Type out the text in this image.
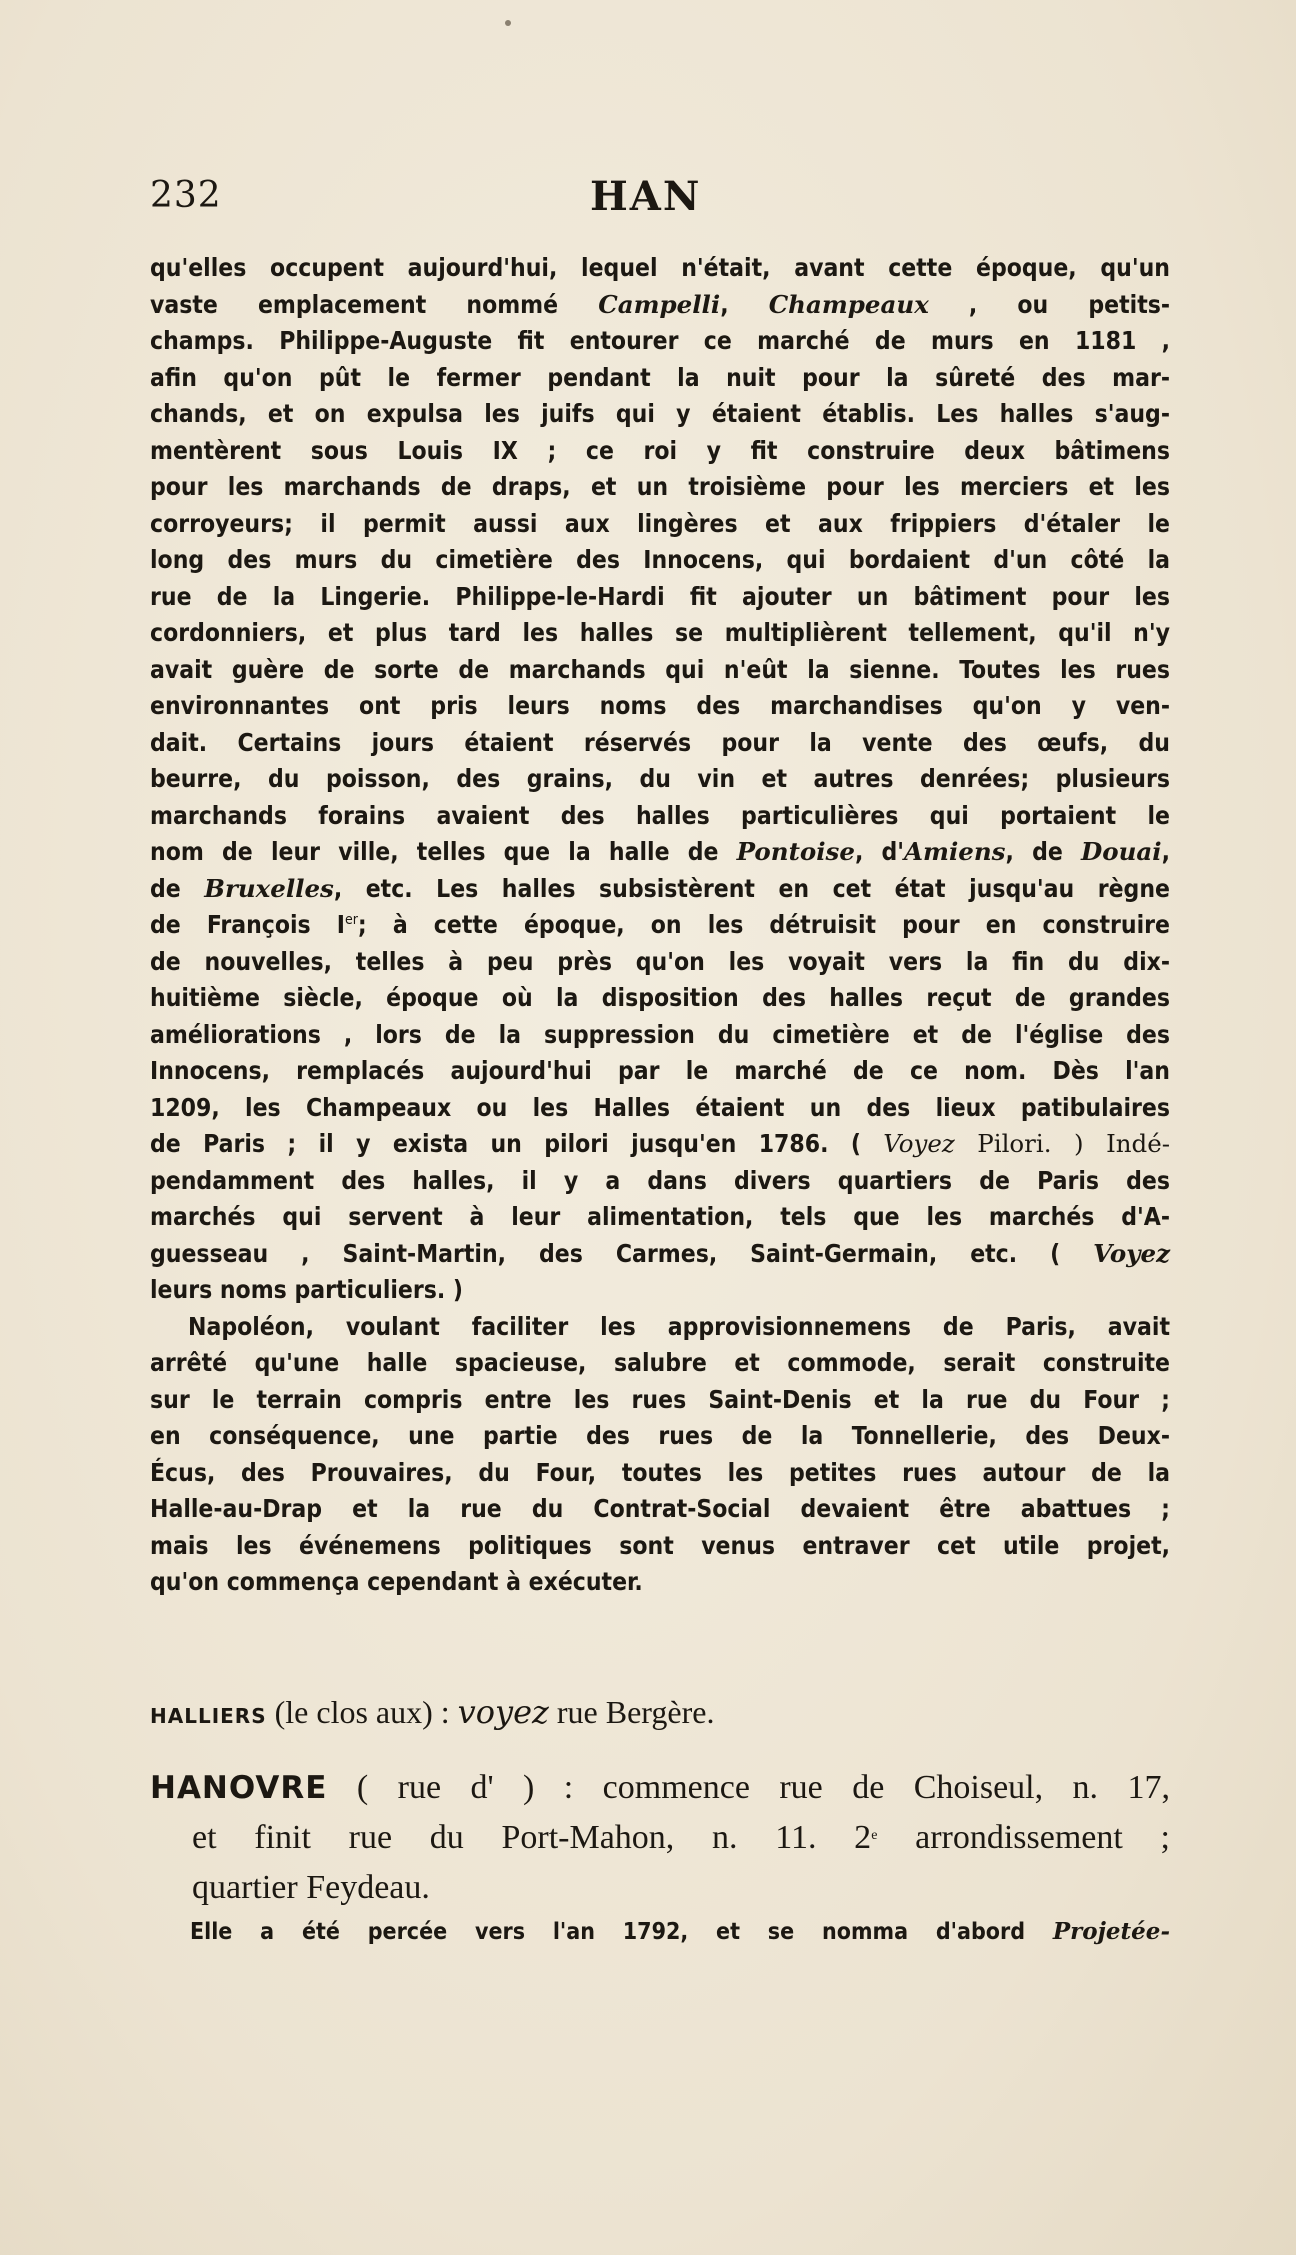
232	HAN
qu'elles occupent aujourd'hui, lequel n'était, avant cette époque, qu'un
vaste emplacement nommé Campelli, Champeaux , ou petits-
champs. Philippe-Auguste fit entourer ce marché de murs en 1181 ,
afin qu'on pût le fermer pendant la nuit pour la sûreté des mar-
chands, et on expulsa les juifs qui y étaient établis. Les halles s'aug-
mentèrent sous Louis IX ; ce roi y fit construire deux bâtimens
pour les marchands de draps, et un troisième pour les merciers et les
corroyeurs; il permit aussi aux lingères et aux frippiers d'étaler le
long des murs du cimetière des Innocens, qui bordaient d'un côté la
rue de la Lingerie. Philippe-le-Hardi fit ajouter un bâtiment pour les
cordonniers, et plus tard les halles se multiplièrent tellement, qu'il n'y
avait guère de sorte de marchands qui n'eût la sienne. Toutes les rues
environnantes ont pris leurs noms des marchandises qu'on y ven-
dait. Certains jours étaient réservés pour la vente des œufs, du
beurre, du poisson, des grains, du vin et autres denrées; plusieurs
marchands forains avaient des halles particulières qui portaient le
nom de leur ville, telles que la halle de Pontoise, d'Amiens, de Douai,
de Bruxelles, etc. Les halles subsistèrent en cet état jusqu'au règne
de François Ier; à cette époque, on les détruisit pour en construire
de nouvelles, telles à peu près qu'on les voyait vers la fin du dix-
huitième siècle, époque où la disposition des halles reçut de grandes
améliorations , lors de la suppression du cimetière et de l'église des
Innocens, remplacés aujourd'hui par le marché de ce nom. Dès l'an
1209, les Champeaux ou les Halles étaient un des lieux patibulaires
de Paris ; il y exista un pilori jusqu'en 1786. ( Voyez Pilori. ) Indé-
pendamment des halles, il y a dans divers quartiers de Paris des
marchés qui servent à leur alimentation, tels que les marchés d'A-
guesseau , Saint-Martin, des Carmes, Saint-Germain, etc. ( Voyez
leurs noms particuliers. )
Napoléon, voulant faciliter les approvisionnemens de Paris, avait
arrêté qu'une halle spacieuse, salubre et commode, serait construite
sur le terrain compris entre les rues Saint-Denis et la rue du Four ;
en conséquence, une partie des rues de la Tonnellerie, des Deux-
Écus, des Prouvaires, du Four, toutes les petites rues autour de la
Halle-au-Drap et la rue du Contrat-Social devaient être abattues ;
mais les événemens politiques sont venus entraver cet utile projet,
qu'on commença cependant à exécuter.
HALLIERS (le clos aux) : voyez rue Bergère.
HANOVRE ( rue d' ) : commence rue de Choiseul, n. 17,
et finit rue du Port-Mahon, n. 11. 2e arrondissement ;
quartier Feydeau.
Elle a été percée vers l'an 1792, et se nomma d'abord Projetée-
